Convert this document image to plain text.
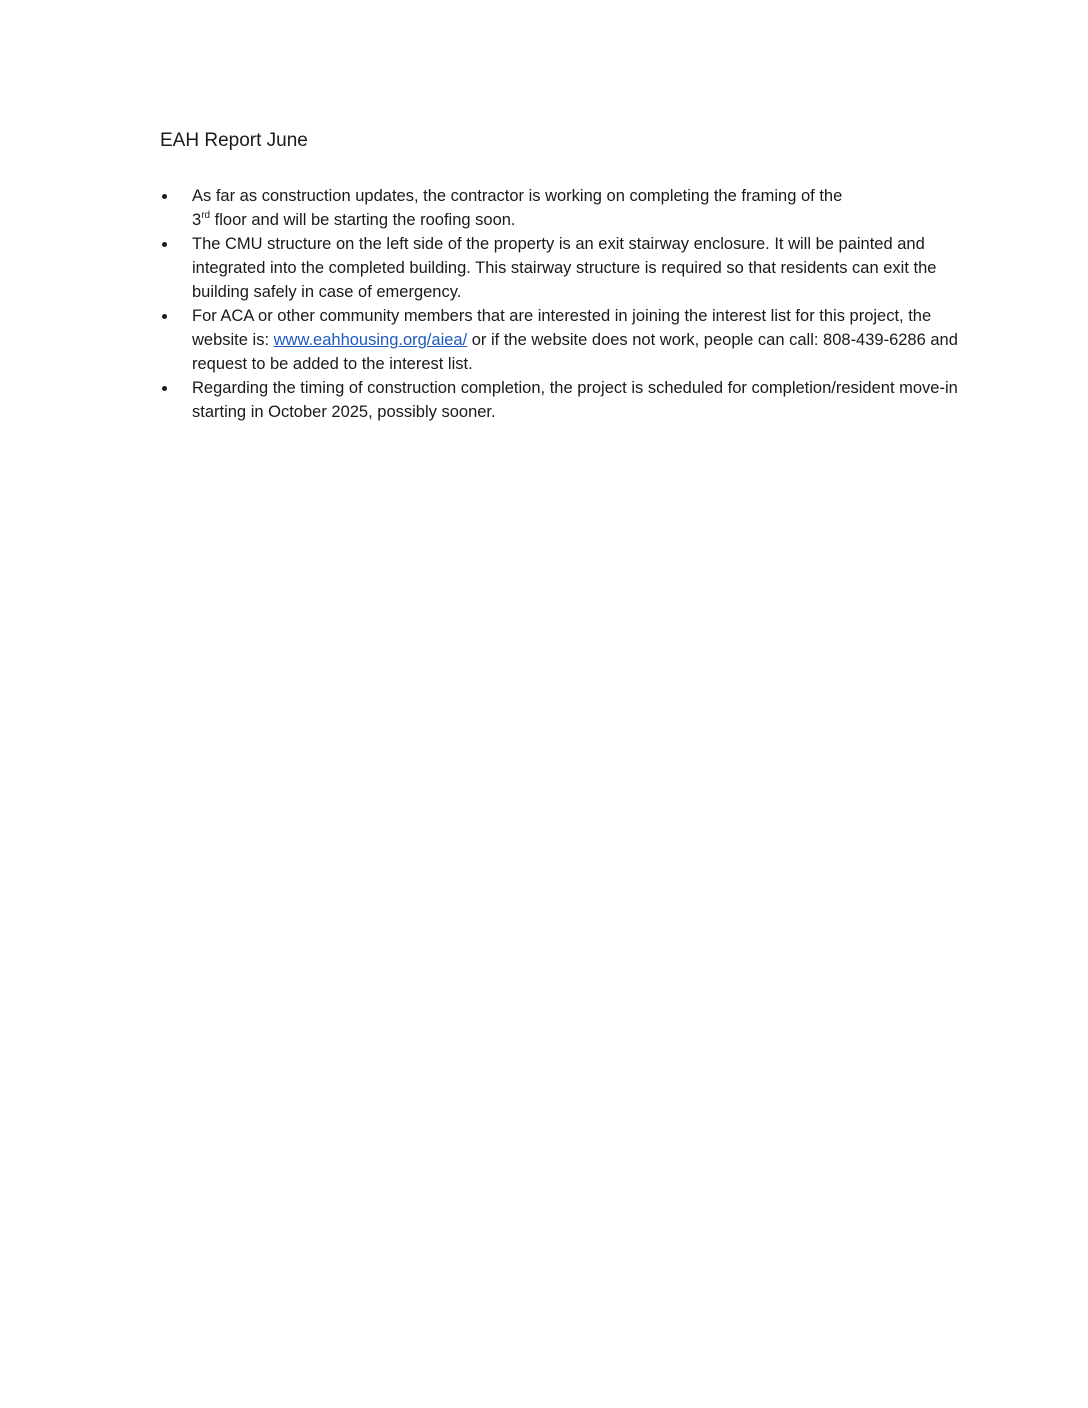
EAH Report June
As far as construction updates, the contractor is working on completing the framing of the
3rd floor and will be starting the roofing soon.
The CMU structure on the left side of the property is an exit stairway enclosure. It will be painted and integrated into the completed building. This stairway structure is required so that residents can exit the building safely in case of emergency.
For ACA or other community members that are interested in joining the interest list for this project, the website is: www.eahhousing.org/aiea/ or if the website does not work, people can call: 808-439-6286 and request to be added to the interest list.
Regarding the timing of construction completion, the project is scheduled for completion/resident move-in starting in October 2025, possibly sooner.
